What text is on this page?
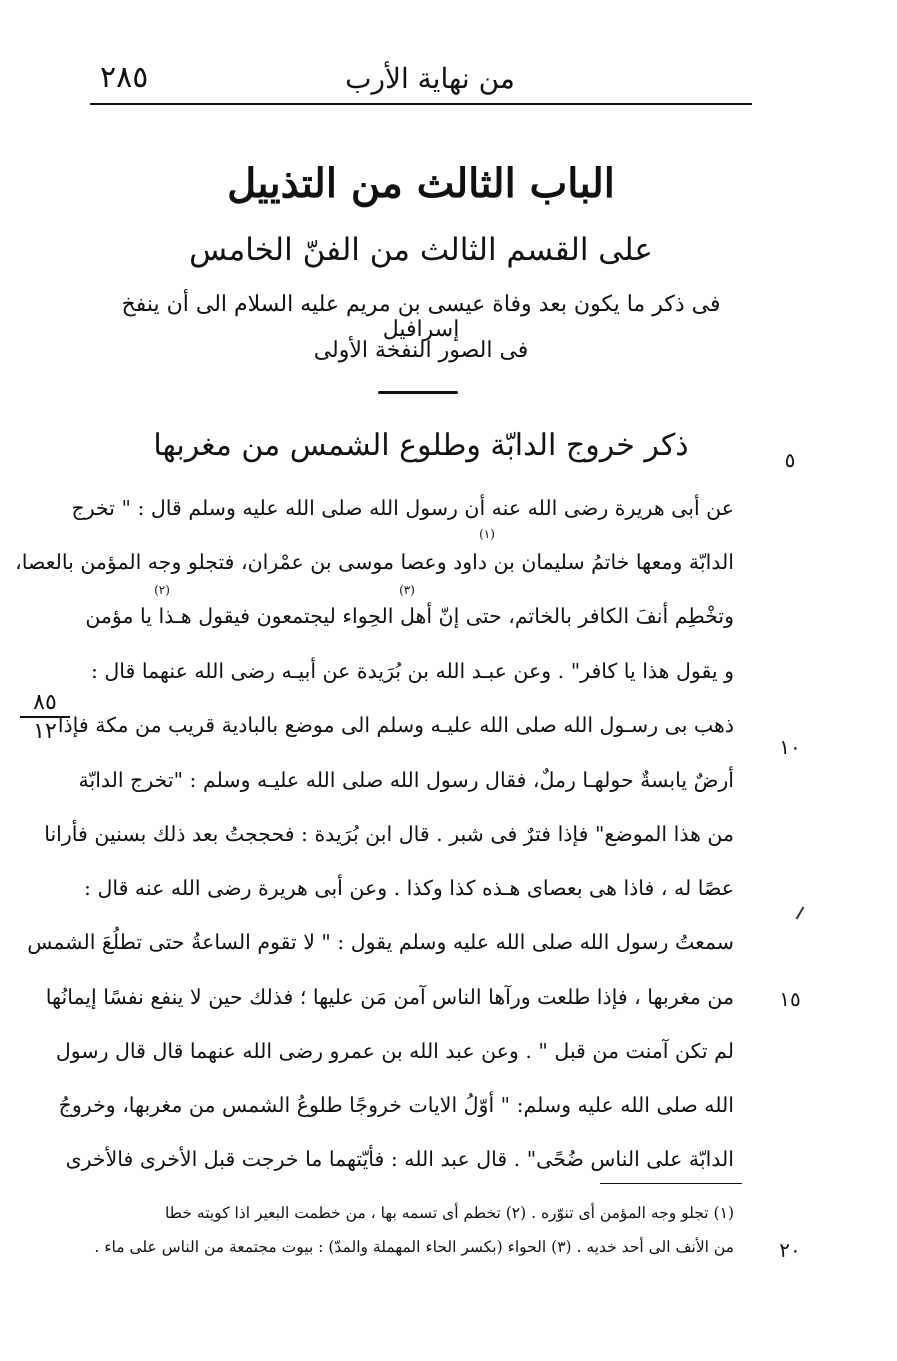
من نهاية الأرب
٢٨٥
الباب الثالث من التذييل
على القسم الثالث من الفنّ الخامس
فى ذكر ما يكون بعد وفاة عيسى بن مريم عليه السلام الى أن ينفخ إسرافيل
فى الصور النفخة الأولى
ذكر خروج الدابّة وطلوع الشمس من مغربها	٥
عن أبى هريرة رضى الله عنه أن رسول الله صلى الله عليه وسلم قال : " تخرج
(١)
الدابّة ومعها خاتمُ سليمان بن داود وعصا موسى بن عمْران، فتجلو وجه المؤمن بالعصا،
(٢)	(٣)
وتخْطِم أنفَ الكافر بالخاتم، حتى إنّ أهل الحِواء ليجتمعون فيقول هـذا يا مؤمن
و يقول هذا يا كافر" . وعن عبـد الله بن بُرَيدة عن أبيـه رضى الله عنهما قال :
ذهب بى رسـول الله صلى الله عليـه وسلم الى موضع بالبادية قريب من مكة فإذا
١٠
أرضٌ يابسةٌ حولهـا رملٌ، فقال رسول الله صلى الله عليـه وسلم : "تخرج الدابّة
من هذا الموضع" فإذا فترٌ فى شبر . قال ابن بُرَيدة : فحججتُ بعد ذلك بسنين فأرانا
عصًا له ، فاذا هى بعصاى هـذه كذا وكذا . وعن أبى هريرة رضى الله عنه قال :
سمعتُ رسول الله صلى الله عليه وسلم يقول : " لا تقوم الساعةُ حتى تطلُعَ الشمس
من مغربها ، فإذا طلعت ورآها الناس آمن مَن عليها ؛ فذلك حين لا ينفع نفسًا إيمانُها	١٥
لم تكن آمنت من قبل " . وعن عبد الله بن عمرو رضى الله عنهما قال قال رسول
الله صلى الله عليه وسلم: " أوّلُ الايات خروجًا طلوعُ الشمس من مغربها، وخروجُ
الدابّة على الناس ضُحًى" . قال عبد الله : فأيّتهما ما خرجت قبل الأخرى فالأخرى
٨٥
١٢
(١) تجلو وجه المؤمن أى تنوّره . (٢) تخطم أى تسمه بها ، من خطمت البعير اذا كويته خطا
من الأنف الى أحد خديه . (٣) الحواء (بكسر الحاء المهملة والمدّ) : بيوت مجتمعة من الناس على ماء .	٢٠
